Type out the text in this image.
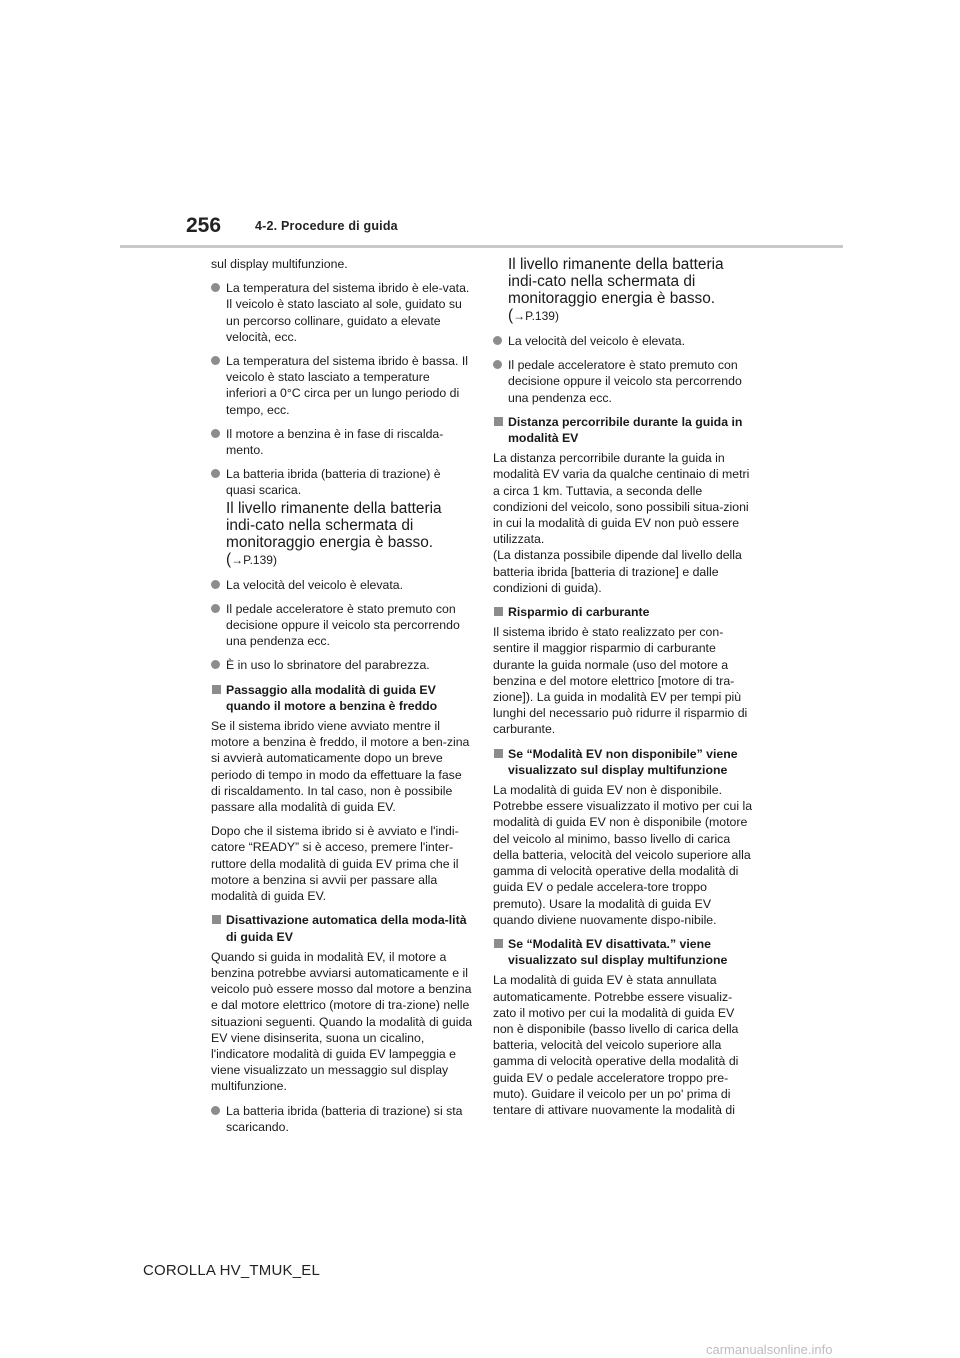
256	4-2. Procedure di guida

sul display multifunzione.

La temperatura del sistema ibrido è ele-vata.
Il veicolo è stato lasciato al sole, guidato su un percorso collinare, guidato a elevate velocità, ecc.
La temperatura del sistema ibrido è bassa. Il veicolo è stato lasciato a temperature inferiori a 0°C circa per un lungo periodo di tempo, ecc.
Il motore a benzina è in fase di riscalda-mento.
La batteria ibrida (batteria di trazione) è quasi scarica.
Il livello rimanente della batteria indi-cato nella schermata di monitoraggio energia è basso. (→P.139)
La velocità del veicolo è elevata.
Il pedale acceleratore è stato premuto con decisione oppure il veicolo sta percorrendo una pendenza ecc.
È in uso lo sbrinatore del parabrezza.
Passaggio alla modalità di guida EV quando il motore a benzina è freddo

Se il sistema ibrido viene avviato mentre il motore a benzina è freddo, il motore a ben-zina si avvierà automaticamente dopo un breve periodo di tempo in modo da effettuare la fase di riscaldamento. In tal caso, non è possibile passare alla modalità di guida EV.

Dopo che il sistema ibrido si è avviato e l'indi-catore “READY” si è acceso, premere l'inter-ruttore della modalità di guida EV prima che il motore a benzina si avvii per passare alla modalità di guida EV.

Disattivazione automatica della moda-lità di guida EV

Quando si guida in modalità EV, il motore a benzina potrebbe avviarsi automaticamente e il veicolo può essere mosso dal motore a benzina e dal motore elettrico (motore di tra-zione) nelle situazioni seguenti. Quando la modalità di guida EV viene disinserita, suona un cicalino, l'indicatore modalità di guida EV lampeggia e viene visualizzato un messaggio sul display multifunzione.

La batteria ibrida (batteria di trazione) si sta scaricando.
Il livello rimanente della batteria indi-cato nella schermata di monitoraggio energia è basso. (→P.139)
La velocità del veicolo è elevata.
Il pedale acceleratore è stato premuto con decisione oppure il veicolo sta percorrendo una pendenza ecc.
Distanza percorribile durante la guida in modalità EV

La distanza percorribile durante la guida in modalità EV varia da qualche centinaio di metri a circa 1 km. Tuttavia, a seconda delle condizioni del veicolo, sono possibili situa-zioni in cui la modalità di guida EV non può essere utilizzata.
(La distanza possibile dipende dal livello della batteria ibrida [batteria di trazione] e dalle condizioni di guida).

Risparmio di carburante

Il sistema ibrido è stato realizzato per con-sentire il maggior risparmio di carburante durante la guida normale (uso del motore a benzina e del motore elettrico [motore di tra-zione]). La guida in modalità EV per tempi più lunghi del necessario può ridurre il risparmio di carburante.

Se “Modalità EV non disponibile” viene visualizzato sul display multifunzione

La modalità di guida EV non è disponibile. Potrebbe essere visualizzato il motivo per cui la modalità di guida EV non è disponibile (motore del veicolo al minimo, basso livello di carica della batteria, velocità del veicolo superiore alla gamma di velocità operative della modalità di guida EV o pedale accelera-tore troppo premuto). Usare la modalità di guida EV quando diviene nuovamente dispo-nibile.

Se “Modalità EV disattivata.” viene visualizzato sul display multifunzione

La modalità di guida EV è stata annullata automaticamente. Potrebbe essere visualiz-zato il motivo per cui la modalità di guida EV non è disponibile (basso livello di carica della batteria, velocità del veicolo superiore alla gamma di velocità operative della modalità di guida EV o pedale acceleratore troppo pre-muto). Guidare il veicolo per un po' prima di tentare di attivare nuovamente la modalità di

COROLLA HV_TMUK_EL
carmanualsonline.info
